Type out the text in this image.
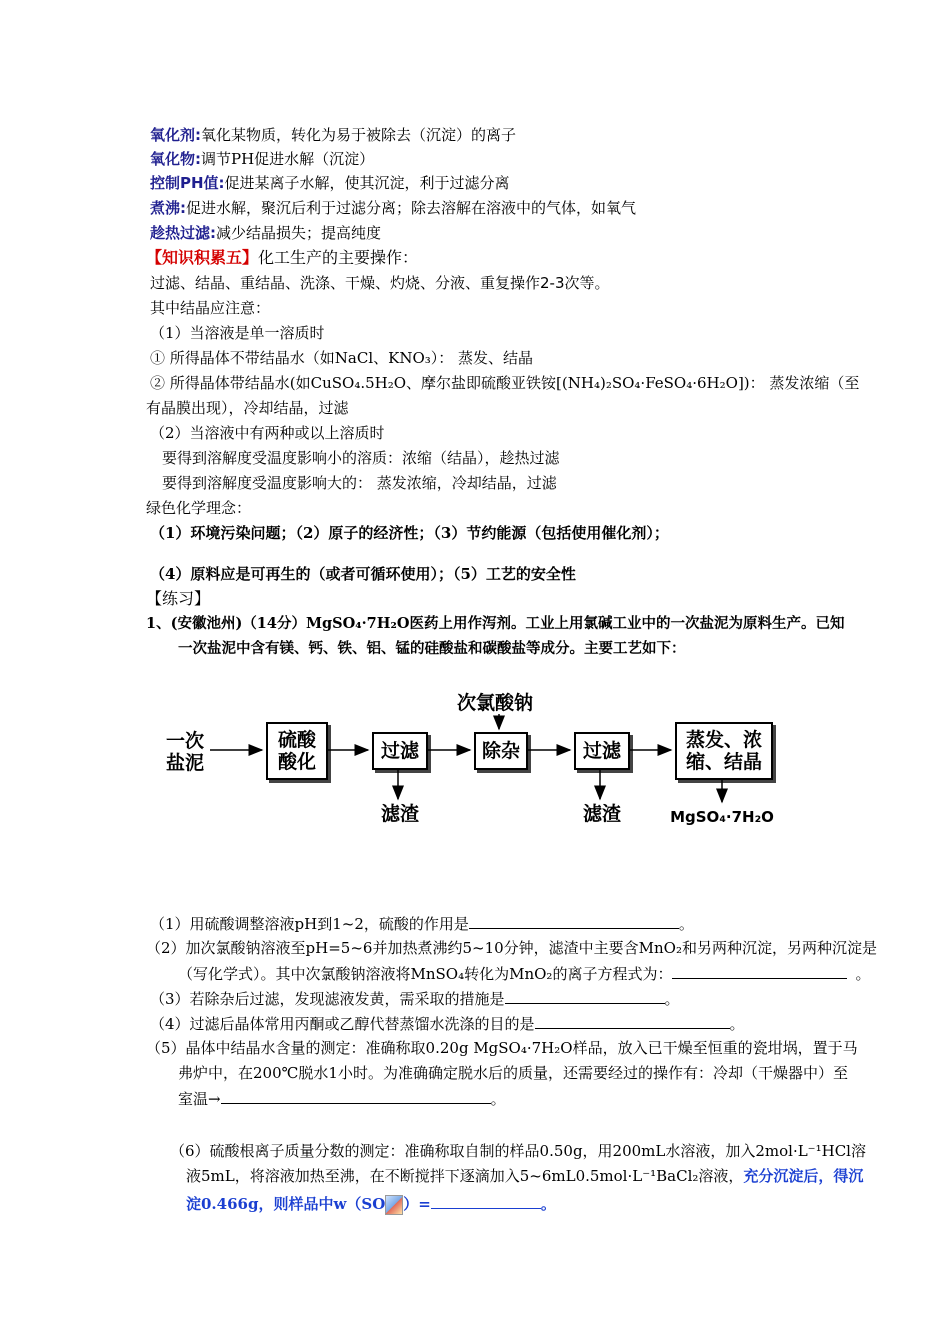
氧化剂:氧化某物质，转化为易于被除去（沉淀）的离子
氧化物:调节PH促进水解（沉淀）
控制PH值:促进某离子水解，使其沉淀，利于过滤分离
煮沸:促进水解，聚沉后利于过滤分离；除去溶解在溶液中的气体，如氧气
趁热过滤:减少结晶损失；提高纯度
【知识积累五】化工生产的主要操作：
过滤、结晶、重结晶、洗涤、干燥、灼烧、分液、重复操作2-3次等。
其中结晶应注意：
（1）当溶液是单一溶质时
① 所得晶体不带结晶水（如NaCl、KNO₃）： 蒸发、结晶
② 所得晶体带结晶水(如CuSO₄.5H₂O、摩尔盐即硫酸亚铁铵[(NH₄)₂SO₄·FeSO₄·6H₂O])： 蒸发浓缩（至
有晶膜出现），冷却结晶，过滤
（2）当溶液中有两种或以上溶质时
要得到溶解度受温度影响小的溶质：浓缩（结晶），趁热过滤
要得到溶解度受温度影响大的： 蒸发浓缩，冷却结晶，过滤
绿色化学理念：
（1）环境污染问题；（2）原子的经济性；（3）节约能源（包括使用催化剂）；
（4）原料应是可再生的（或者可循环使用）；（5）工艺的安全性
【练习】
1、(安徽池州)（14分）MgSO₄·7H₂O医药上用作泻剂。工业上用氯碱工业中的一次盐泥为原料生产。已知
一次盐泥中含有镁、钙、铁、铝、锰的硅酸盐和碳酸盐等成分。主要工艺如下：
一次
盐泥
硫酸
酸化	过滤	除杂	过滤	蒸发、浓
缩、结晶
次氯酸钠
滤渣	滤渣	MgSO₄·7H₂O
（1）用硫酸调整溶液pH到1~2，硫酸的作用是	。
（2）加次氯酸钠溶液至pH=5~6并加热煮沸约5~10分钟，滤渣中主要含MnO₂和另两种沉淀，另两种沉淀是
（写化学式）。其中次氯酸钠溶液将MnSO₄转化为MnO₂的离子方程式为：	。
（3）若除杂后过滤，发现滤液发黄，需采取的措施是	。
（4）过滤后晶体常用丙酮或乙醇代替蒸馏水洗涤的目的是	。
（5）晶体中结晶水含量的测定：准确称取0.20g MgSO₄·7H₂O样品，放入已干燥至恒重的瓷坩埚，置于马
弗炉中，在200℃脱水1小时。为准确确定脱水后的质量，还需要经过的操作有：冷却（干燥器中）至
室温→	。
（6）硫酸根离子质量分数的测定：准确称取自制的样品0.50g，用200mL水溶液，加入2mol·L⁻¹HCl溶
液5mL，将溶液加热至沸，在不断搅拌下逐滴加入5~6mL0.5mol·L⁻¹BaCl₂溶液，充分沉淀后，得沉
淀0.466g，则样品中w（SO ）=	。
